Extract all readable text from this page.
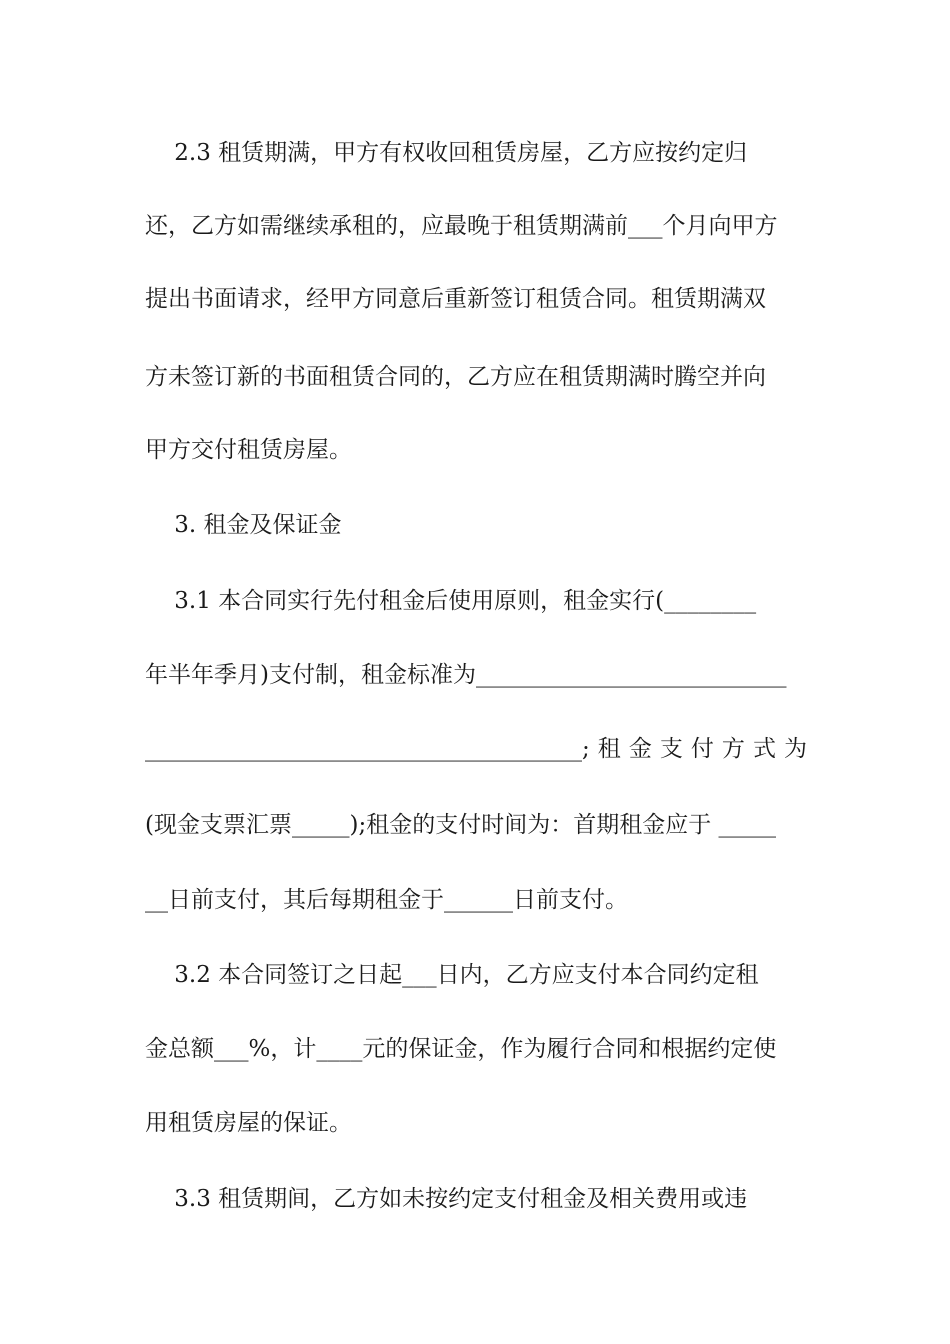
2.3 租赁期满，甲方有权收回租赁房屋，乙方应按约定归
还，乙方如需继续承租的，应最晚于租赁期满前___个月向甲方
提出书面请求，经甲方同意后重新签订租赁合同。租赁期满双
方未签订新的书面租赁合同的，乙方应在租赁期满时腾空并向
甲方交付租赁房屋。
3. 租金及保证金
3.1 本合同实行先付租金后使用原则，租金实行(________
年半年季月)支付制，租金标准为___________________________
______________________________________;租金支付方式为
(现金支票汇票_____);租金的支付时间为：首期租金应于 _____
__日前支付，其后每期租金于______日前支付。
3.2 本合同签订之日起___日内，乙方应支付本合同约定租
金总额___%，计____元的保证金，作为履行合同和根据约定使
用租赁房屋的保证。
3.3 租赁期间，乙方如未按约定支付租金及相关费用或违
